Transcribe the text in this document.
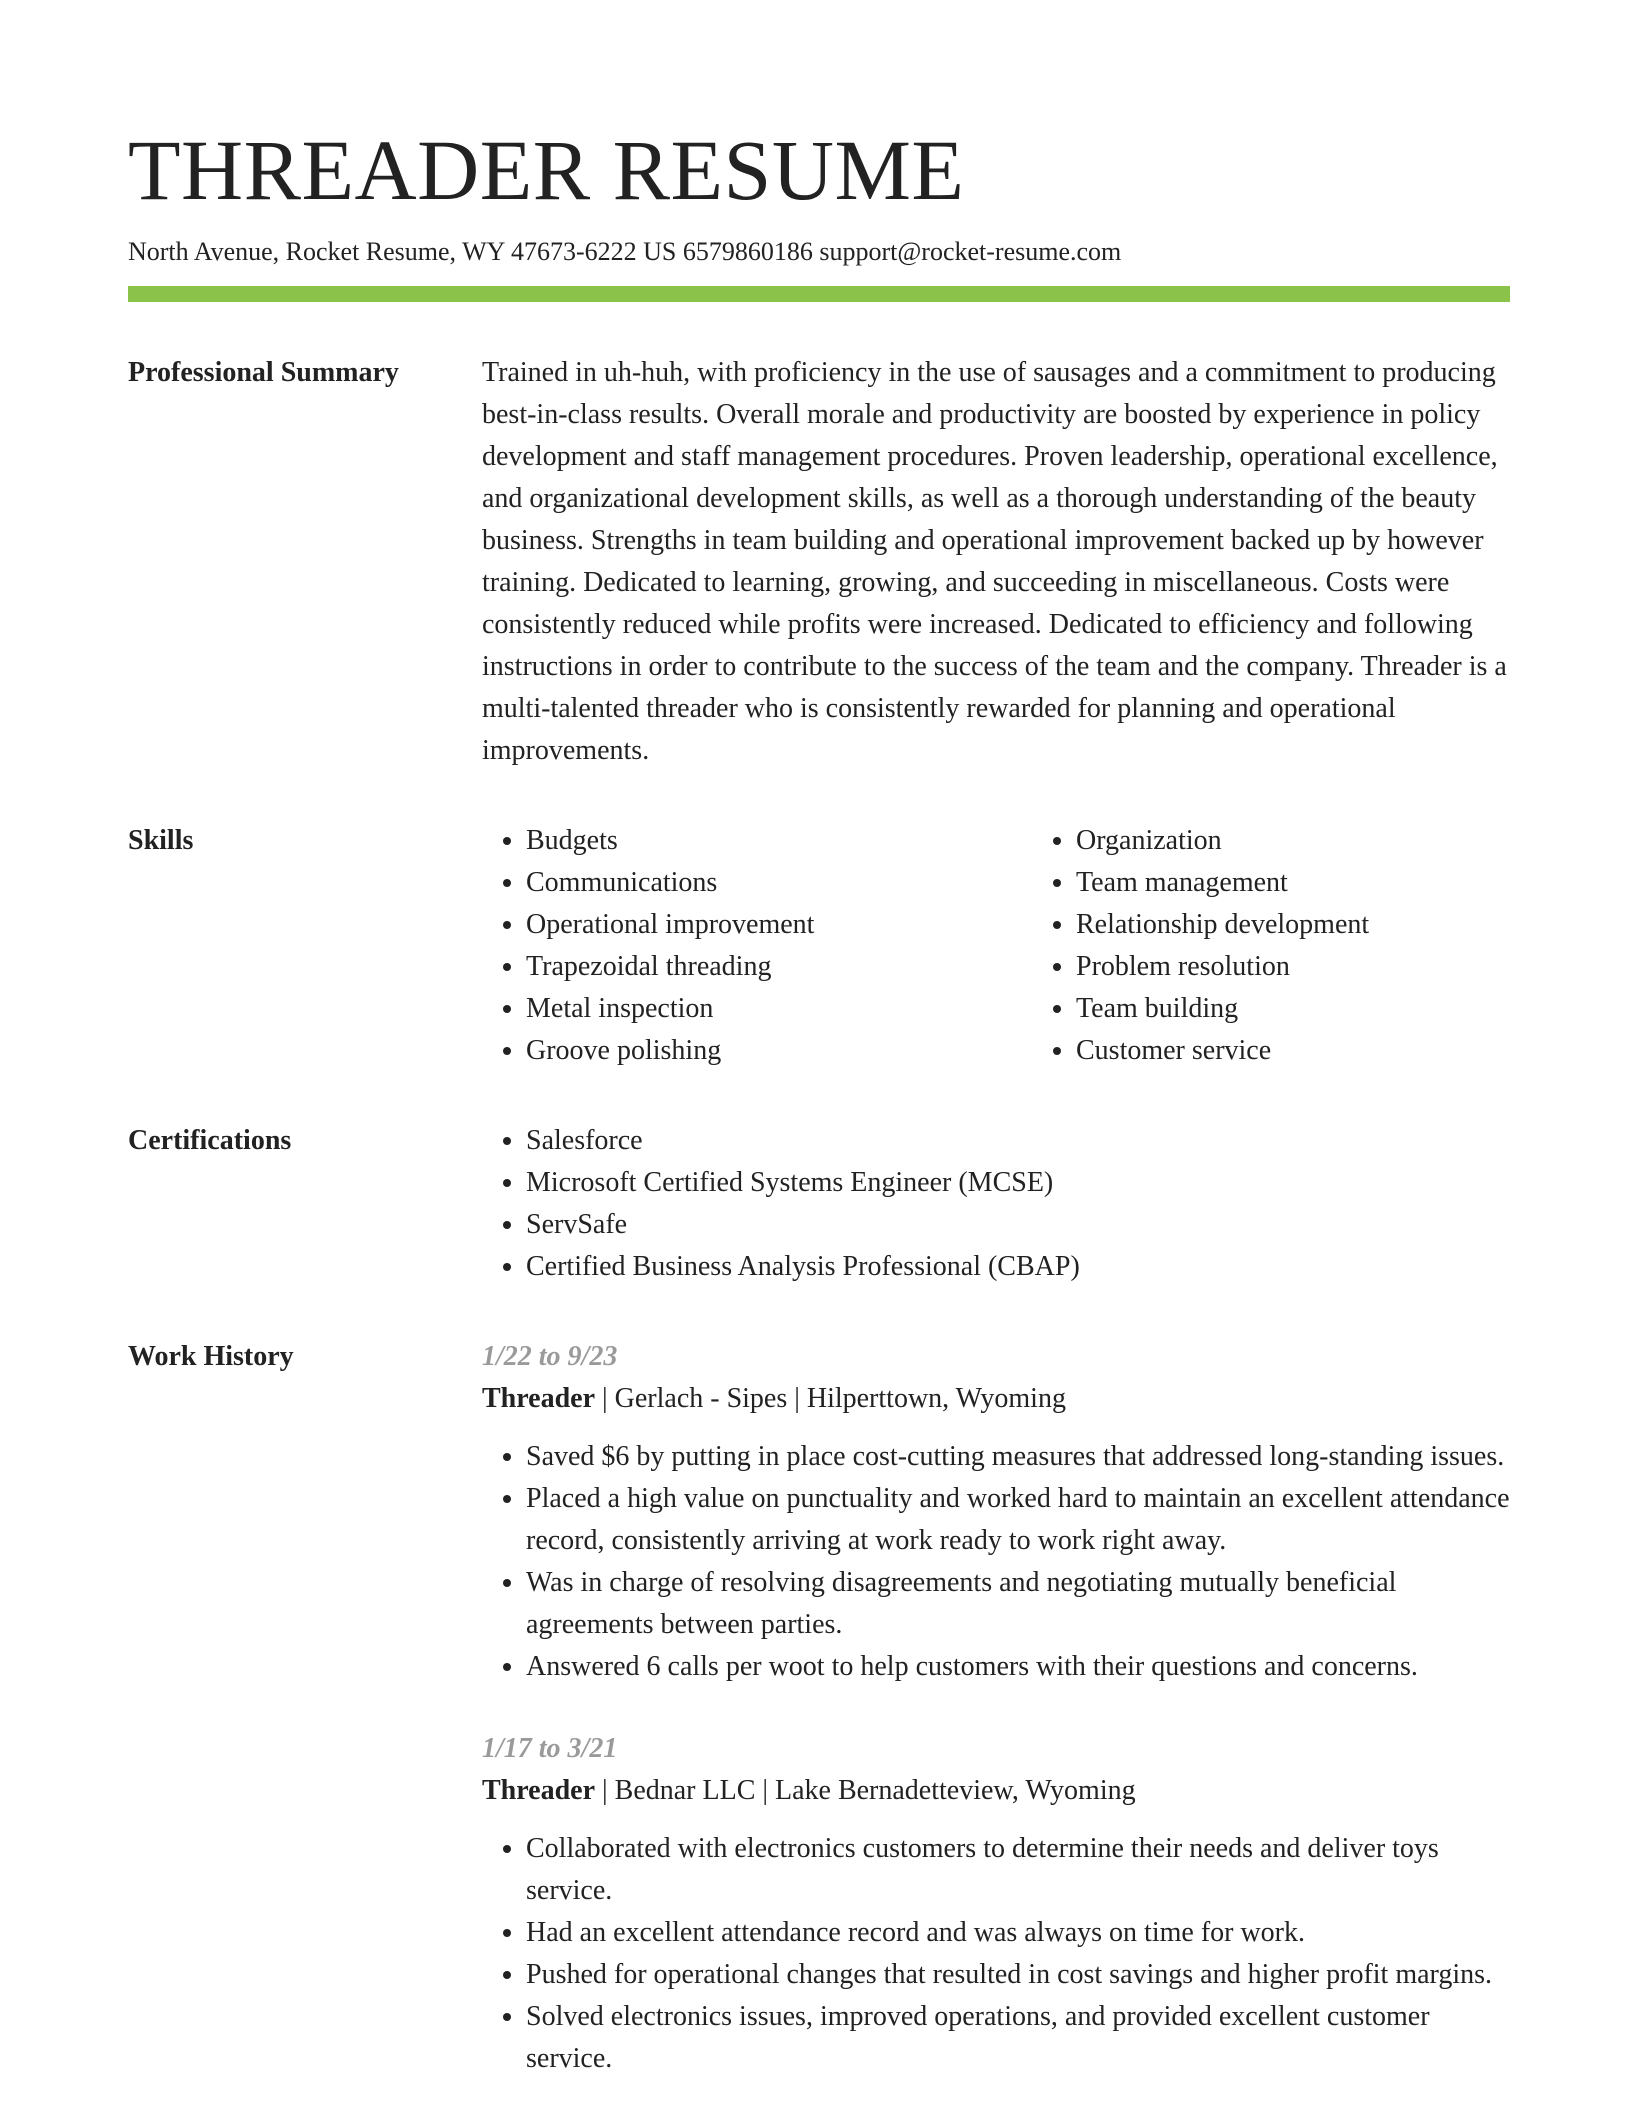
THREADER RESUME
North Avenue, Rocket Resume, WY 47673-6222 US 6579860186 support@rocket-resume.com
Professional Summary	Trained in uh-huh, with proficiency in the use of sausages and a commitment to producing best-in-class results. Overall morale and productivity are boosted by experience in policy development and staff management procedures. Proven leadership, operational excellence, and organizational development skills, as well as a thorough understanding of the beauty business. Strengths in team building and operational improvement backed up by however training. Dedicated to learning, growing, and succeeding in miscellaneous. Costs were consistently reduced while profits were increased. Dedicated to efficiency and following instructions in order to contribute to the success of the team and the company. Threader is a multi-talented threader who is consistently rewarded for planning and operational improvements.

Skills	• Budgets
• Communications
• Operational improvement
• Trapezoidal threading
• Metal inspection
• Groove polishing
• Organization
• Team management
• Relationship development
• Problem resolution
• Team building
• Customer service
Certifications	• Salesforce
• Microsoft Certified Systems Engineer (MCSE)
• ServSafe
• Certified Business Analysis Professional (CBAP)
Work History	1/22 to 9/23
Threader | Gerlach - Sipes | Hilperttown, Wyoming
• Saved $6 by putting in place cost-cutting measures that addressed long-standing issues.
• Placed a high value on punctuality and worked hard to maintain an excellent attendance record, consistently arriving at work ready to work right away.
• Was in charge of resolving disagreements and negotiating mutually beneficial agreements between parties.
• Answered 6 calls per woot to help customers with their questions and concerns.
1/17 to 3/21
Threader | Bednar LLC | Lake Bernadetteview, Wyoming
• Collaborated with electronics customers to determine their needs and deliver toys service.
• Had an excellent attendance record and was always on time for work.
• Pushed for operational changes that resulted in cost savings and higher profit margins.
• Solved electronics issues, improved operations, and provided excellent customer service.
